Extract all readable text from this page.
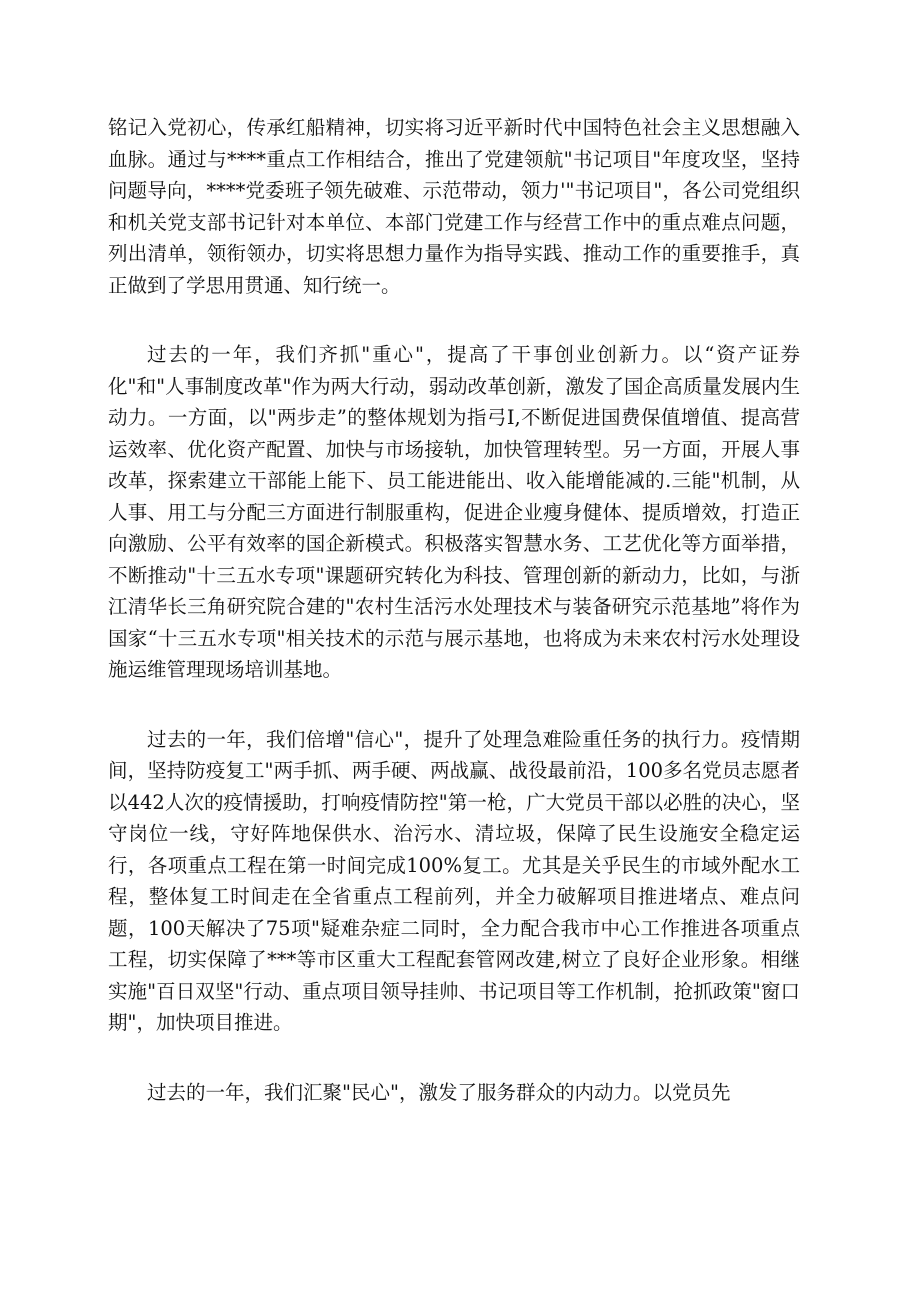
铭记入党初心，传承红船精神，切实将习近平新时代中国特色社会主义思想融入血脉。通过与****重点工作相结合，推出了党建领航"书记项目"年度攻坚，坚持问题导向，****党委班子领先破难、示范带动，领力'"书记项目"，各公司党组织和机关党支部书记针对本单位、本部门党建工作与经营工作中的重点难点问题，列出清单，领衔领办，切实将思想力量作为指导实践、推动工作的重要推手，真正做到了学思用贯通、知行统一。

过去的一年，我们齐抓"重心"，提高了干事创业创新力。以“资产证券化"和"人事制度改革"作为两大行动，弱动改革创新，激发了国企高质量发展内生动力。一方面，以"两步走”的整体规划为指弓I,不断促进国费保值增值、提高营运效率、优化资产配置、加快与市场接轨，加快管理转型。另一方面，开展人事改革，探索建立干部能上能下、员工能进能出、收入能增能减的.三能"机制，从人事、用工与分配三方面进行制服重构，促进企业瘦身健体、提质增效，打造正向激励、公平有效率的国企新模式。积极落实智慧水务、工艺优化等方面举措，不断推动"十三五水专项"课题研究转化为科技、管理创新的新动力，比如，与浙江清华长三角研究院合建的"农村生活污水处理技术与装备研究示范基地”将作为国家“十三五水专项"相关技术的示范与展示基地，也将成为未来农村污水处理设施运维管理现场培训基地。

过去的一年，我们倍增"信心"，提升了处理急难险重任务的执行力。疫情期间，坚持防疫复工"两手抓、两手硬、两战赢、战役最前沿，100多名党员志愿者以442人次的疫情援助，打响疫情防控"第一枪，广大党员干部以必胜的决心，坚守岗位一线，守好阵地保供水、治污水、清垃圾，保障了民生设施安全稳定运行，各项重点工程在第一时间完成100%复工。尤其是关乎民生的市域外配水工程，整体复工时间走在全省重点工程前列，并全力破解项目推进堵点、难点问题，100天解决了75项"疑难杂症二同时，全力配合我市中心工作推进各项重点工程，切实保障了***等市区重大工程配套管网改建,树立了良好企业形象。相继实施"百日双坚"行动、重点项目领导挂帅、书记项目等工作机制，抢抓政策"窗口期"，加快项目推进。

过去的一年，我们汇聚"民心"，激发了服务群众的内动力。以党员先
